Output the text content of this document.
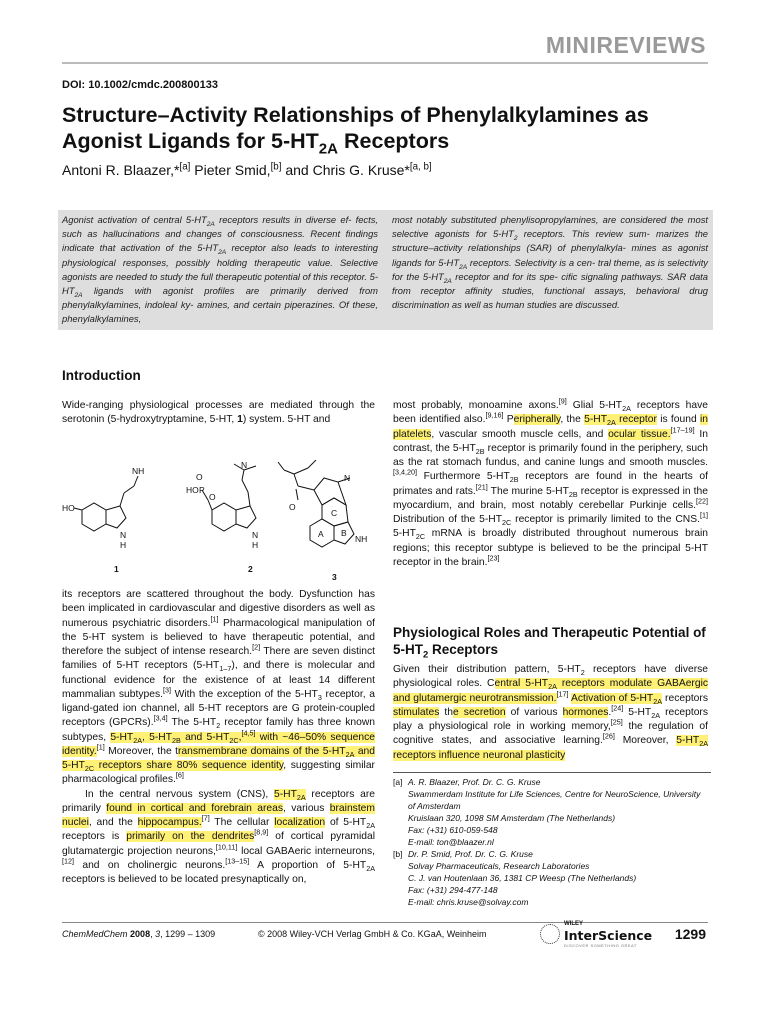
MINIREVIEWS
DOI: 10.1002/cmdc.200800133
Structure–Activity Relationships of Phenylalkylamines as
Agonist Ligands for $5-HT_{2A}$ Receptors
Antoni R. Blaazer,*[a] Pieter Smid,[b] and Chris G. Kruse*[a, b]
Agonist activation of central $5-HT_{2A}$ receptors results in diverse ef- fects, such as hallucinations and changes of consciousness. Recent findings indicate that activation of the $5-HT_{2A}$ receptor also leads to interesting physiological responses, possibly holding therapeutic value. Selective agonists are needed to study the full therapeutic potential of this receptor. $5-HT_{2A}$ ligands with agonist profiles are primarily derived from phenylalkylamines, indoleal ky- amines, and certain piperazines. Of these, phenylalkylamines,
most notably substituted phenylisopropylamines, are considered the most selective agonists for $5-HT_2$ receptors. This review sum- marizes the structure–activity relationships (SAR) of phenylalkyla- mines as agonist ligands for $5-HT_{2A}$ receptors. Selectivity is a cen- tral theme, as is selectivity for the $5-HT_{2A}$ receptor and for its spe- cific signaling pathways. SAR data from receptor affinity studies, functional assays, behavioral drug discrimination as well as human studies are discussed.
Introduction
Wide-ranging physiological processes are mediated through the serotonin (5-hydroxytryptamine, 5-HT, 1) system. 5-HT and
HO
NH
N
H
1
HO
O
P
O
N
N
H
2
O
N
NH
A B
C
3
its receptors are scattered throughout the body. Dysfunction has been implicated in cardiovascular and digestive disorders as well as numerous psychiatric disorders.[1] Pharmacological manipulation of the 5-HT system is believed to have therapeutic potential, and therefore the subject of intense research.[2] There are seven distinct families of 5-HT receptors $(5-HT_{1-7})$, and there is molecular and functional evidence for the existence of at least 14 different mammalian subtypes.[3] With the exception of the $5-HT_3$ receptor, a ligand-gated ion channel, all 5-HT receptors are G protein-coupled receptors (GPCRs).[3,4] The $5-HT_2$ receptor family has three known subtypes, $5-HT_{2A}$, $5-HT_{2B}$ and $5-HT_{2C},[4,5]$ with ~46–50% sequence identity.[1] Moreover, the transmembrane domains of the $5-HT_{2A}$ and $5-HT_{2C}$ receptors share 80% sequence identity, suggesting similar pharmacological profiles.[6]
In the central nervous system (CNS), $5-HT_{2A}$ receptors are primarily found in cortical and forebrain areas, various brainstem nuclei, and the hippocampus.[7] The cellular localization of $5-HT_{2A}$ receptors is primarily on the dendrites[8,9] of cortical pyramidal glutamatergic projection neurons,[10,11] local GABAeric interneurons,[12] and on cholinergic neurons.[13–15] A proportion of $5-HT_{2A}$ receptors is believed to be located presynaptically on,
most probably, monoamine axons.[9] Glial $5-HT_{2A}$ receptors have been identified also.[9,16] Peripherally, the $5-HT_{2A}$ receptor is found in platelets, vascular smooth muscle cells, and ocular tissue.[17–19] In contrast, the $5-HT_{2B}$ receptor is primarily found in the periphery, such as the rat stomach fundus, and canine lungs and smooth muscles.[3,4,20] Furthermore $5-HT_{2B}$ receptors are found in the hearts of primates and rats.[21] The murine $5-HT_{2B}$ receptor is expressed in the myocardium, and brain, most notably cerebellar Purkinje cells.[22] Distribution of the $5-HT_{2C}$ receptor is primarily limited to the CNS.[1] $5-HT_{2C}$ mRNA is broadly distributed throughout numerous brain regions; this receptor subtype is believed to be the principal 5-HT receptor in the brain.[23]
Physiological Roles and Therapeutic Potential of $5-HT_2$ Receptors
Given their distribution pattern, $5-HT_2$ receptors have diverse physiological roles. Central $5-HT_{2A}$ receptors modulate GABAergic and glutamergic neurotransmission.[17] Activation of $5-HT_{2A}$ receptors stimulates the secretion of various hormones.[24] $5-HT_{2A}$ receptors play a physiological role in working memory,[25] the regulation of cognitive states, and associative learning.[26] Moreover, $5-HT_{2A}$ receptors influence neuronal plasticity
[a] A. R. Blaazer, Prof. Dr. C. G. Kruse
Swammerdam Institute for Life Sciences, Centre for NeuroScience, University
of Amsterdam
Kruislaan 320, 1098 SM Amsterdam (The Netherlands)
Fax: (+31) 610-059-548
E-mail: ton@blaazer.nl
[b] Dr. P. Smid, Prof. Dr. C. G. Kruse
Solvay Pharmaceuticals, Research Laboratories
C. J. van Houtenlaan 36, 1381 CP Weesp (The Netherlands)
Fax: (+31) 294-477-148
E-mail: chris.kruse@solvay.com
ChemMedChem 2008, 3, 1299 – 1309	© 2008 Wiley-VCH Verlag GmbH & Co. KGaA, Weinheim
WILEY
InterScience
DISCOVER SOMETHING GREAT
1299
